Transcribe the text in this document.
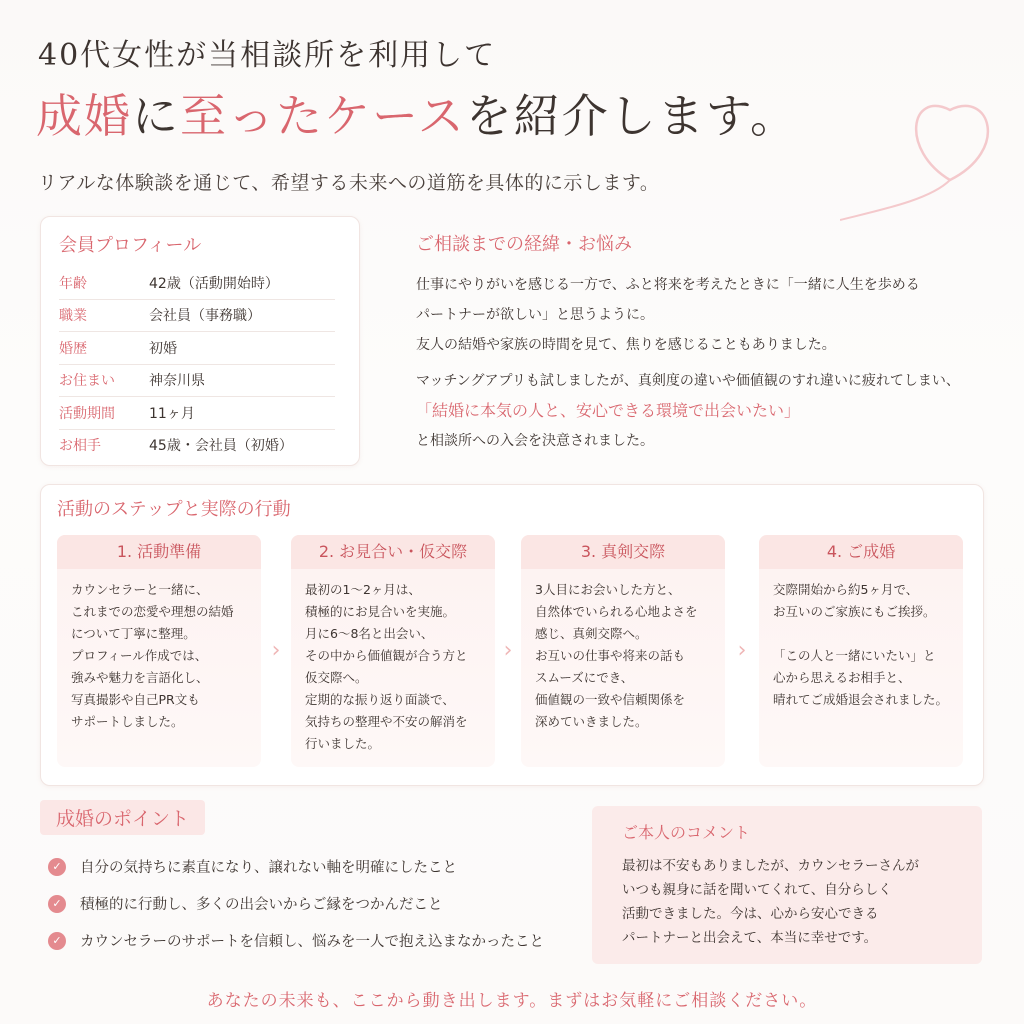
40代女性が当相談所を利用して
成婚に至ったケースを紹介します。
リアルな体験談を通じて、希望する未来への道筋を具体的に示します。
会員プロフィール
年齢	42歳（活動開始時）
職業	会社員（事務職）
婚歴	初婚
お住まい	神奈川県
活動期間	11ヶ月
お相手	45歳・会社員（初婚）
ご相談までの経緯・お悩み
仕事にやりがいを感じる一方で、ふと将来を考えたときに「一緒に人生を歩める
パートナーが欲しい」と思うように。
友人の結婚や家族の時間を見て、焦りを感じることもありました。
マッチングアプリも試しましたが、真剣度の違いや価値観のすれ違いに疲れてしまい、
「結婚に本気の人と、安心できる環境で出会いたい」
と相談所への入会を決意されました。
活動のステップと実際の行動
1. 活動準備
カウンセラーと一緒に、
これまでの恋愛や理想の結婚
について丁寧に整理。
プロフィール作成では、
強みや魅力を言語化し、
写真撮影や自己PR文も
サポートしました。
›
2. お見合い・仮交際
最初の1〜2ヶ月は、
積極的にお見合いを実施。
月に6〜8名と出会い、
その中から価値観が合う方と
仮交際へ。
定期的な振り返り面談で、
気持ちの整理や不安の解消を
行いました。
›
3. 真剣交際
3人目にお会いした方と、
自然体でいられる心地よさを
感じ、真剣交際へ。
お互いの仕事や将来の話も
スムーズにでき、
価値観の一致や信頼関係を
深めていきました。
›
4. ご成婚
交際開始から約5ヶ月で、
お互いのご家族にもご挨拶。

「この人と一緒にいたい」と
心から思えるお相手と、
晴れてご成婚退会されました。
成婚のポイント
✓	自分の気持ちに素直になり、譲れない軸を明確にしたこと
✓	積極的に行動し、多くの出会いからご縁をつかんだこと
✓	カウンセラーのサポートを信頼し、悩みを一人で抱え込まなかったこと
ご本人のコメント
最初は不安もありましたが、カウンセラーさんが
いつも親身に話を聞いてくれて、自分らしく
活動できました。今は、心から安心できる
パートナーと出会えて、本当に幸せです。
あなたの未来も、ここから動き出します。まずはお気軽にご相談ください。
